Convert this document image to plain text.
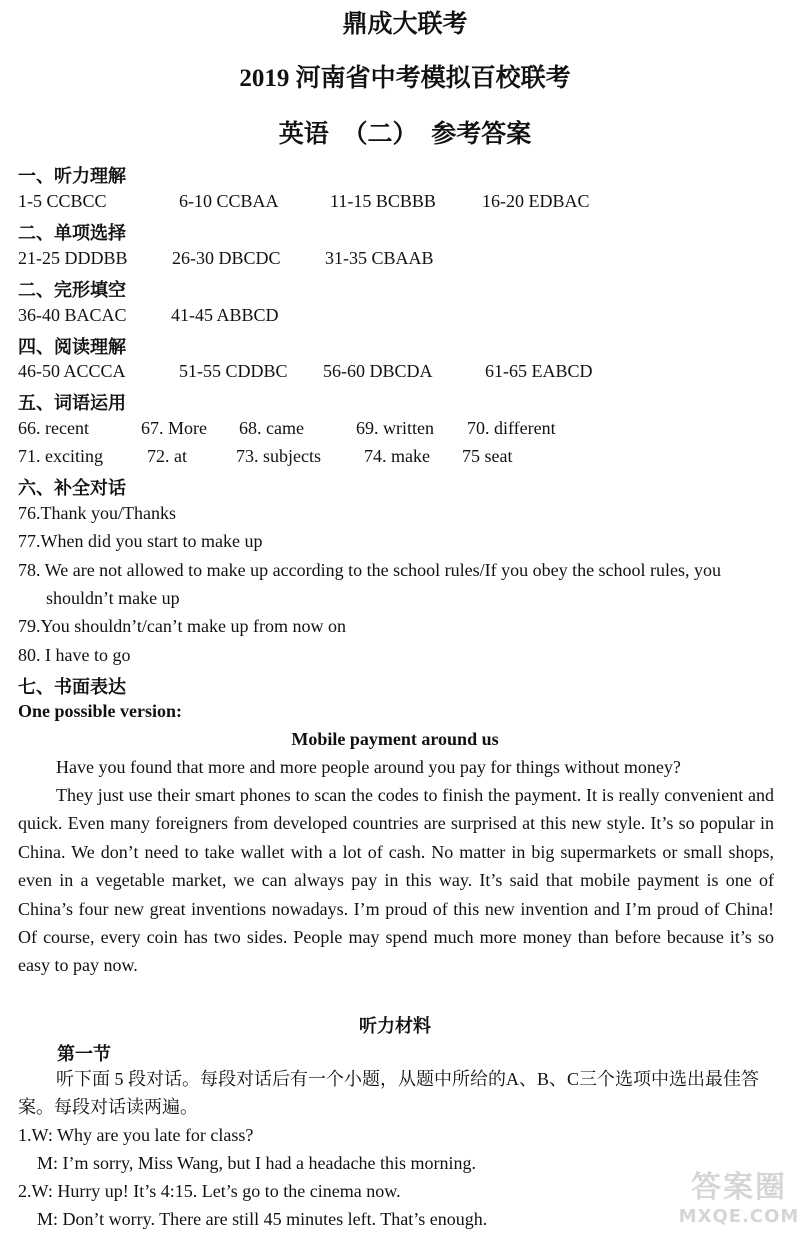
鼎成大联考
2019 河南省中考模拟百校联考
英语 （二） 参考答案
一、听力理解
1-5 CCBCC	6-10 CCBAA	11-15 BCBBB	16-20 EDBAC
二、单项选择
21-25 DDDBB 26-30 DBCDC 31-35 CBAAB
二、完形填空
36-40 BACAC 41-45 ABBCD
四、阅读理解
46-50 ACCCA	51-55 CDDBC 56-60 DBCDA	61-65 EABCD
五、词语运用
66. recent	67. More 68. came	69. written 70. different
71. exciting 72. at	73. subjects 74. make 75 seat
六、补全对话
76.Thank you/Thanks
77.When did you start to make up
78. We are not allowed to make up according to the school rules/If you obey the school rules, you
shouldn’t make up
79.You shouldn’t/can’t make up from now on
80. I have to go
七、书面表达
One possible version:
Mobile payment around us
Have you found that more and more people around you pay for things without money?
They just use their smart phones to scan the codes to finish the payment. It is really convenient and quick. Even many foreigners from developed countries are surprised at this new style. It’s so popular in China. We don’t need to take wallet with a lot of cash. No matter in big supermarkets or small shops, even in a vegetable market, we can always pay in this way. It’s said that mobile payment is one of China’s four new great inventions nowadays. I’m proud of this new invention and I’m proud of China! Of course, every coin has two sides. People may spend much more money than before because it’s so easy to pay now.
听力材料
第一节
听下面 5 段对话。每段对话后有一个小题，从题中所给的A、B、C三个选项中选出最佳答案。每段对话读两遍。
1.W: Why are you late for class?
M: I’m sorry, Miss Wang, but I had a headache this morning.
2.W: Hurry up! It’s 4:15. Let’s go to the cinema now.
M: Don’t worry. There are still 45 minutes left. That’s enough.
答案圈
MXQE.COM
